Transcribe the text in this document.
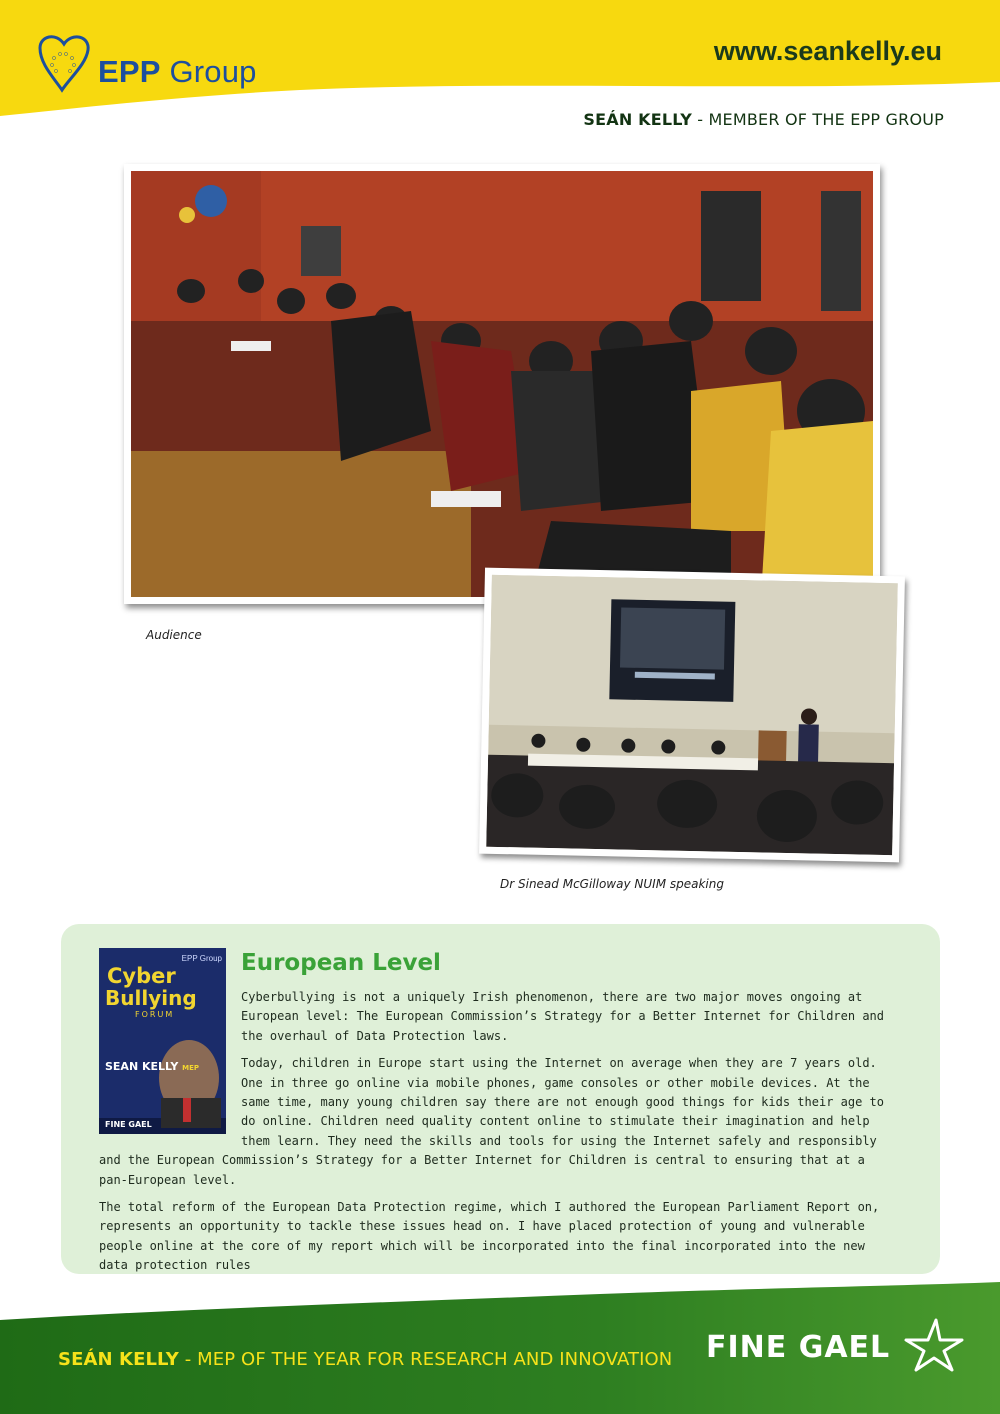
EPP Group
www.seankelly.eu
SEÁN KELLY - MEMBER OF THE EPP GROUP
Audience
Dr Sinead McGilloway NUIM speaking
EPP Group
Cyber
Bullying
FORUM
SEAN KELLY MEP
FINE GAEL
European Level

Cyberbullying is not a uniquely Irish phenomenon, there are two major moves ongoing at European level: The European Commission’s Strategy for a Better Internet for Children and the overhaul of Data Protection laws.

Today, children in Europe start using the Internet on average when they are 7 years old. One in three go online via mobile phones, game consoles or other mobile devices. At the same time, many young children say there are not enough good things for kids their age to do online. Children need quality content online to stimulate their imagination and help them learn. They need the skills and tools for using the Internet safely and responsibly and the European Commission’s Strategy for a Better Internet for Children is central to ensuring that at a pan-European level.

The total reform of the European Data Protection regime, which I authored the European Parliament Report on, represents an opportunity to tackle these issues head on. I have placed protection of young and vulnerable people online at the core of my report which will be incorporated into the final incorporated into the new data protection rules

SEÁN KELLY - MEP OF THE YEAR FOR RESEARCH AND INNOVATION FINE GAEL
